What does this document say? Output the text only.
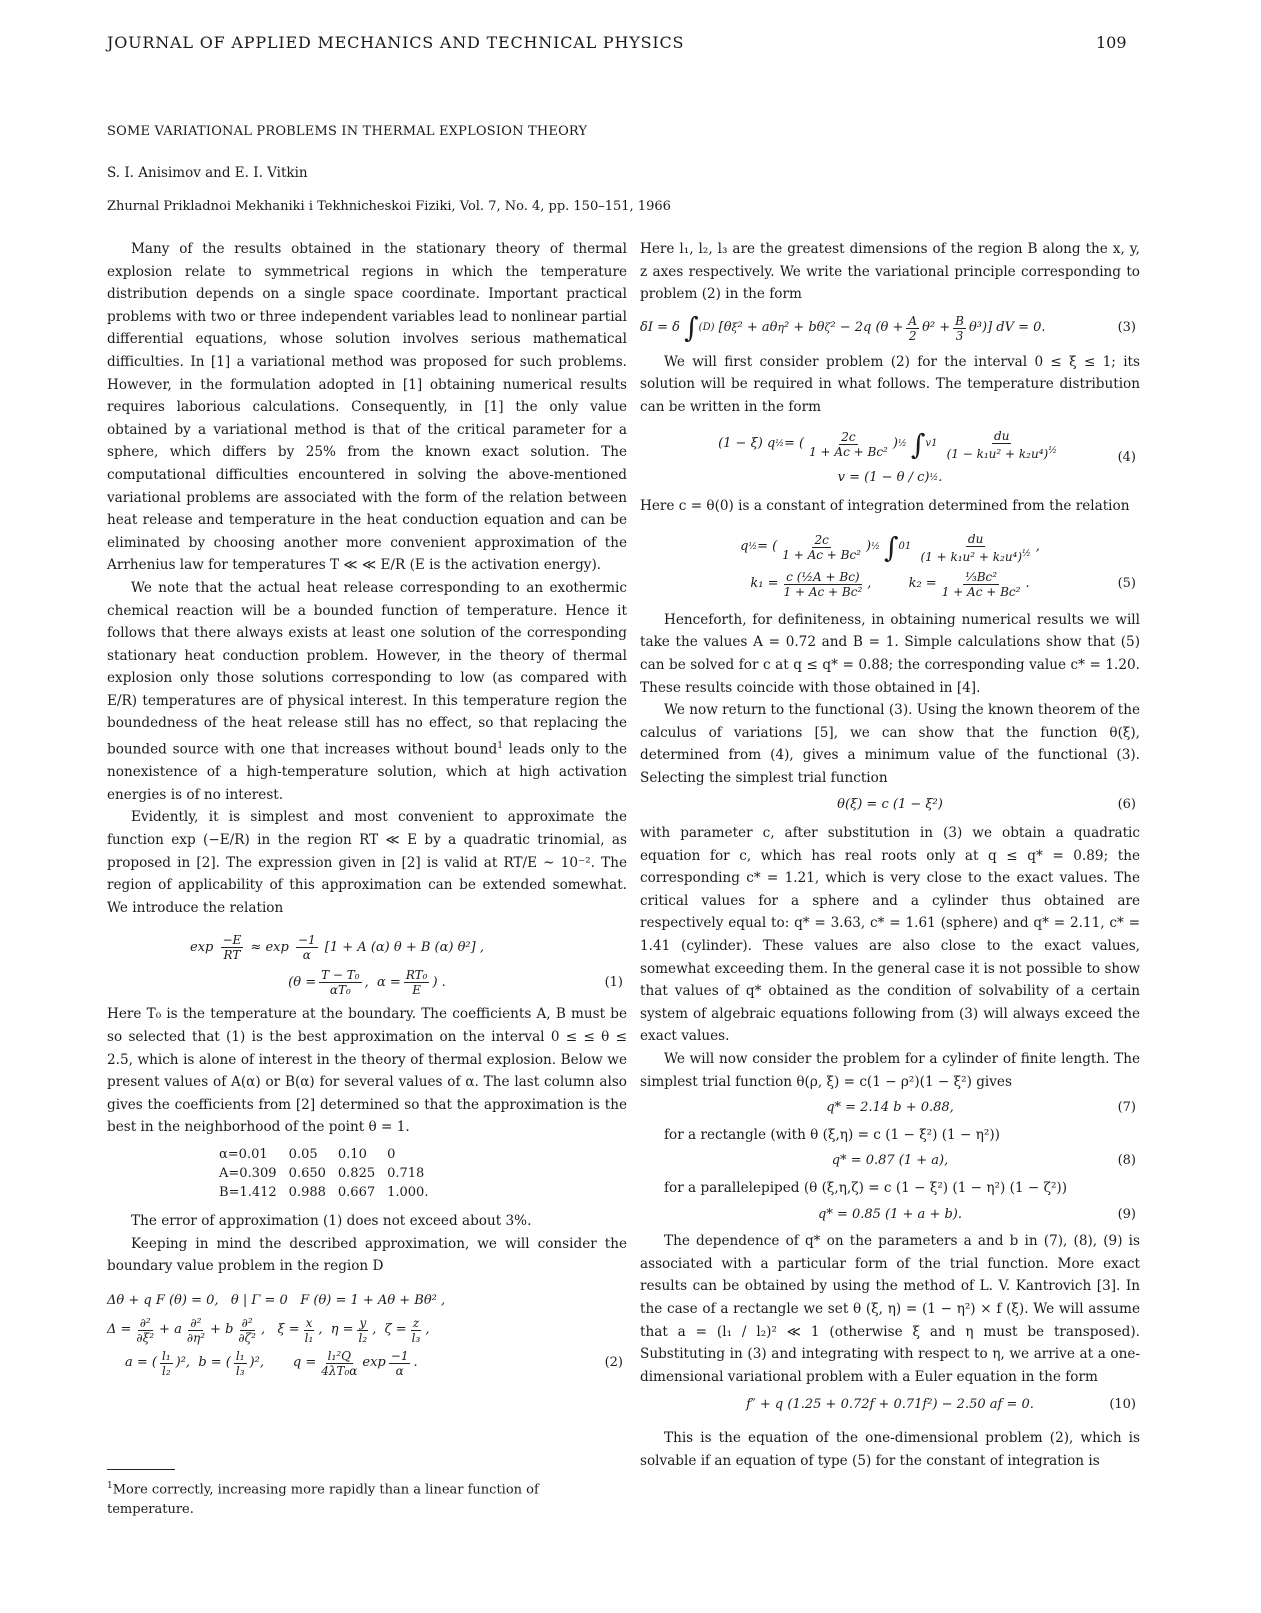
JOURNAL OF APPLIED MECHANICS AND TECHNICAL PHYSICS	109
SOME VARIATIONAL PROBLEMS IN THERMAL EXPLOSION THEORY
S. I. Anisimov and E. I. Vitkin
Zhurnal Prikladnoi Mekhaniki i Tekhnicheskoi Fiziki, Vol. 7, No. 4, pp. 150–151, 1966

Many of the results obtained in the stationary theory of thermal explosion relate to symmetrical regions in which the temperature distribution depends on a single space coordinate. Important practical problems with two or three independent variables lead to nonlinear partial differential equations, whose solution involves serious mathematical difficulties. In [1] a variational method was proposed for such problems. However, in the formulation adopted in [1] obtaining numerical results requires laborious calculations. Consequently, in [1] the only value obtained by a variational method is that of the critical parameter for a sphere, which differs by 25% from the known exact solution. The computational difficulties encountered in solving the above-mentioned variational problems are associated with the form of the relation between heat release and temperature in the heat conduction equation and can be eliminated by choosing another more convenient approximation of the Arrhenius law for temperatures T ≪ ≪ E/R (E is the activation energy).

We note that the actual heat release corresponding to an exothermic chemical reaction will be a bounded function of temperature. Hence it follows that there always exists at least one solution of the corresponding stationary heat conduction problem. However, in the theory of thermal explosion only those solutions corresponding to low (as compared with E/R) temperatures are of physical interest. In this temperature region the boundedness of the heat release still has no effect, so that replacing the bounded source with one that increases without bound$^1$ leads only to the nonexistence of a high-temperature solution, which at high activation energies is of no interest.

Evidently, it is simplest and most convenient to approximate the function exp (−E/R) in the region RT ≪ E by a quadratic trinomial, as proposed in [2]. The expression given in [2] is valid at RT/E ~ 10⁻². The region of applicability of this approximation can be extended somewhat. We introduce the relation

$\exp \frac{-E}{RT} \approx \exp \frac{-1}{\alpha} [1 + A$ (α) θ + B (α) θ²] ,
($\theta = \frac{\text{T − T₀}}{\text{αT₀}}$ ,  $\alpha = \frac{\text{RT₀}}{E}$ ) .	(1)

Here T₀ is the temperature at the boundary. The coefficients A, B must be so selected that (1) is the best approximation on the interval 0 ≤ ≤ θ ≤ 2.5, which is alone of interest in the theory of thermal explosion. Below we present values of A(α) or B(α) for several values of α. The last column also gives the coefficients from [2] determined so that the approximation is the best in the neighborhood of the point θ = 1.

α=0.01	0.05	0.10	0
A=0.309	0.650	0.825	0.718
B=1.412	0.988	0.667	1.000.

The error of approximation (1) does not exceed about 3%.

Keeping in mind the described approximation, we will consider the boundary value problem in the region D

Δθ + q F (θ) = 0,   θ | Γ = 0   F (θ) = 1 + Aθ + Bθ² ,
$\Delta = \frac{\text{∂²}}{\text{∂ξ²}} + a \frac{\text{∂²}}{\text{∂η²}} + b \frac{\text{∂²}}{\text{∂ζ²}}$ ,   $\xi = \frac{x}{\text{l₁}}$ ,  $\eta = \frac{y}{\text{l₂}}$ ,  $\zeta = \frac{z}{\text{l₃}}$ ,
a = ( $\frac{\text{l₁}}{\text{l₂}} )^2$,  b = ( $\frac{\text{l₁}}{\text{l₃}} )^2$,       $q = \frac{\text{l₁²Q}}{\text{4λT₀α}}$ $\exp \frac{-1}{\alpha}$ .	(2)
$^1$More correctly, increasing more rapidly than a linear function of temperature.

Here l₁, l₂, l₃ are the greatest dimensions of the region B along the x, y, z axes respectively. We write the variational principle corresponding to problem (2) in the form

δI = δ ∫ (D) [θ ξ ² + aθ η ² + bθ ζ ² − 2q $(\theta + \frac{A}{2} \theta^2 + \frac{B}{3} \theta^3)$] dV = 0.	(3)

We will first consider problem (2) for the interval 0 ≤ ξ ≤ 1; its solution will be required in what follows. The temperature distribution can be written in the form

(1 − ξ) q ½ = ( $\frac{2c}{\text{1 + Ac + Bc²}}$ ) ½
∫ v 1
$\frac{du}{(1 - k_1u^2 + k_2u^4)^{\frac{1}{2}}}$
v = (1 − θ / c) ½ .
(4)

Here c = θ(0) is a constant of integration determined from the relation

q ½ = ( $\frac{2c}{\text{1 + Ac + Bc²}}$ ) ½
∫ 0 1
$\frac{du}{(1 + k_1u^2 + k_2u^4)^{\frac{1}{2}}}$ ,
$k_1 = \frac{\text{c (½A + Bc)}}{\text{1 + Ac + Bc²}}$ ,         $k_2 = \frac{\text{⅓Bc²}}{\text{1 + Ac + Bc²}}$ .	(5)

Henceforth, for definiteness, in obtaining numerical results we will take the values A = 0.72 and B = 1. Simple calculations show that (5) can be solved for c at q ≤ q* = 0.88; the corresponding value c* = 1.20. These results coincide with those obtained in [4].

We now return to the functional (3). Using the known theorem of the calculus of variations [5], we can show that the function θ(ξ), determined from (4), gives a minimum value of the functional (3). Selecting the simplest trial function

θ(ξ) = c (1 − ξ²)	(6)

with parameter c, after substitution in (3) we obtain a quadratic equation for c, which has real roots only at q ≤ q* = 0.89; the corresponding c* = 1.21, which is very close to the exact values. The critical values for a sphere and a cylinder thus obtained are respectively equal to: q* = 3.63, c* = 1.61 (sphere) and q* = 2.11, c* = 1.41 (cylinder). These values are also close to the exact values, somewhat exceeding them. In the general case it is not possible to show that values of q* obtained as the condition of solvability of a certain system of algebraic equations following from (3) will always exceed the exact values.

We will now consider the problem for a cylinder of finite length. The simplest trial function θ(ρ, ξ) = c(1 − ρ²)(1 − ξ²) gives

q* = 2.14 b + 0.88,	(7)

for a rectangle (with θ (ξ,η) = c (1 − ξ²) (1 − η²))

q* = 0.87 (1 + a),	(8)

for a parallelepiped (θ (ξ,η,ζ) = c (1 − ξ²) (1 − η²) (1 − ζ²))

q* = 0.85 (1 + a + b).	(9)

The dependence of q* on the parameters a and b in (7), (8), (9) is associated with a particular form of the trial function. More exact results can be obtained by using the method of L. V. Kantrovich [3]. In the case of a rectangle we set θ (ξ, η) = (1 − η²) × f (ξ). We will assume that a = (l₁ / l₂)² ≪ 1 (otherwise ξ and η must be transposed). Substituting in (3) and integrating with respect to η, we arrive at a one-dimensional variational problem with a Euler equation in the form

f″ + q (1.25 + 0.72f + 0.71f²) − 2.50 af = 0.	(10)

This is the equation of the one-dimensional problem (2), which is solvable if an equation of type (5) for the constant of integration is
